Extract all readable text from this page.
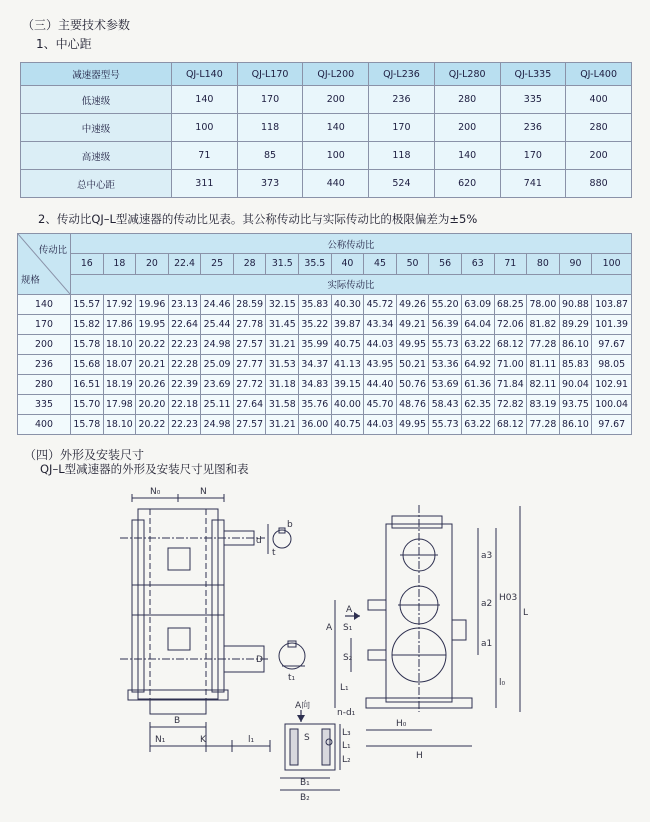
（三）主要技术参数
1、中心距
减速器型号	QJ-L140	QJ-L170	QJ-L200	QJ-L236	QJ-L280	QJ-L335	QJ-L400
低速级	140	170	200	236	280	335	400
中速级	100	118	140	170	200	236	280
高速级	71	85	100	118	140	170	200
总中心距	311	373	440	524	620	741	880
2、传动比QJ–L型减速器的传动比见表。其公称传动比与实际传动比的极限偏差为±5%
传动比
规格	公称传动比																
	16	18	20	22.4	25	28	31.5	35.5	40	45	50	56	63	71	80	90	100
	实际传动比																
140	15.57	17.92	19.96	23.13	24.46	28.59	32.15	35.83	40.30	45.72	49.26	55.20	63.09	68.25	78.00	90.88	103.87
170	15.82	17.86	19.95	22.64	25.44	27.78	31.45	35.22	39.87	43.34	49.21	56.39	64.04	72.06	81.82	89.29	101.39
200	15.78	18.10	20.22	22.23	24.98	27.57	31.21	35.99	40.75	44.03	49.95	55.73	63.22	68.12	77.28	86.10	97.67
236	15.68	18.07	20.21	22.28	25.09	27.77	31.53	34.37	41.13	43.95	50.21	53.36	64.92	71.00	81.11	85.83	98.05
280	16.51	18.19	20.26	22.39	23.69	27.72	31.18	34.83	39.15	44.40	50.76	53.69	61.36	71.84	82.11	90.04	102.91
335	15.70	17.98	20.20	22.18	25.11	27.64	31.58	35.76	40.00	45.70	48.76	58.43	62.35	72.82	83.19	93.75	100.04
400	15.78	18.10	20.22	22.23	24.98	27.57	31.21	36.00	40.75	44.03	49.95	55.73	63.22	68.12	77.28	86.10	97.67
（四）外形及安装尺寸
QJ–L型减速器的外形及安装尺寸见图和表
N₀	N
d
b
t
D
t₁
B
N₁	K	l₁
A向
n-d₁
S
B₁
B₂
L₁
L₂
L₃
a3
a2
a1
H03
L
l₀
A S₁
S₂
A
L₁
H₀
H
